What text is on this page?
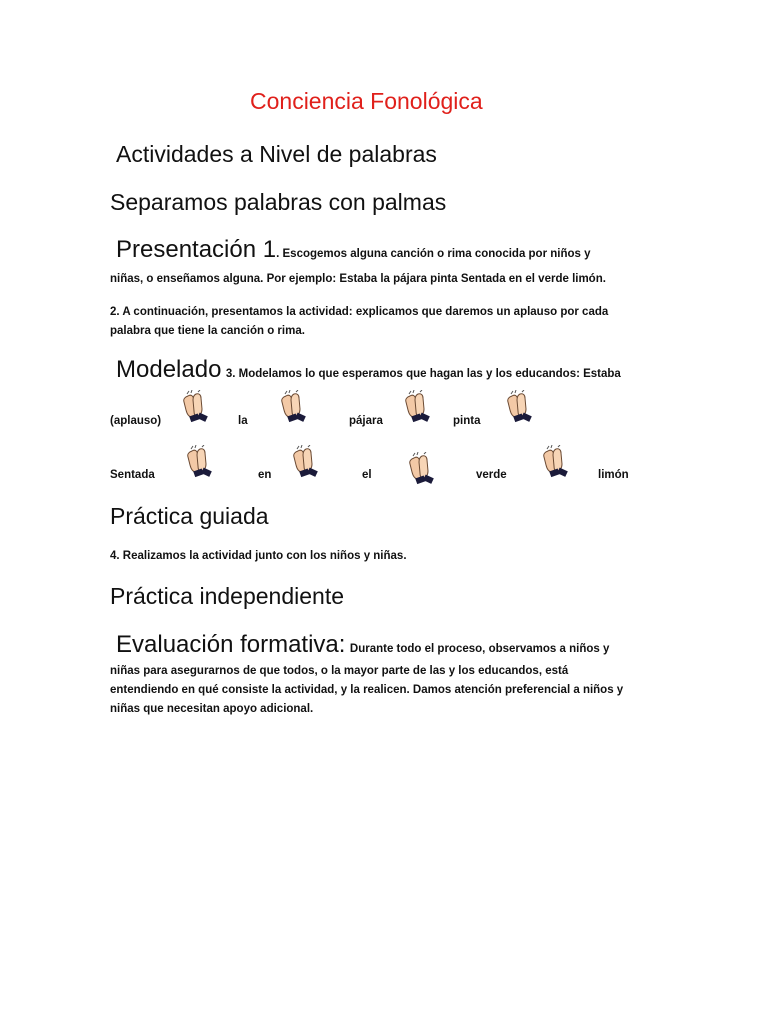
Conciencia Fonológica
Actividades a Nivel de palabras
Separamos palabras con palmas
Presentación 1. Escogemos alguna canción o rima conocida por niños y
niñas, o enseñamos alguna. Por ejemplo: Estaba la pájara pinta Sentada en el verde limón.
2. A continuación, presentamos la actividad: explicamos que daremos un aplauso por cada
palabra que tiene la canción o rima.
Modelado 3. Modelamos lo que esperamos que hagan las y los educandos: Estaba
(aplauso)	la	pájara	pinta
Sentada	en	el	verde	limón
Práctica guiada
4. Realizamos la actividad junto con los niños y niñas.
Práctica independiente
Evaluación formativa: Durante todo el proceso, observamos a niños y
niñas para asegurarnos de que todos, o la mayor parte de las y los educandos, está
entendiendo en qué consiste la actividad, y la realicen. Damos atención preferencial a niños y
niñas que necesitan apoyo adicional.
